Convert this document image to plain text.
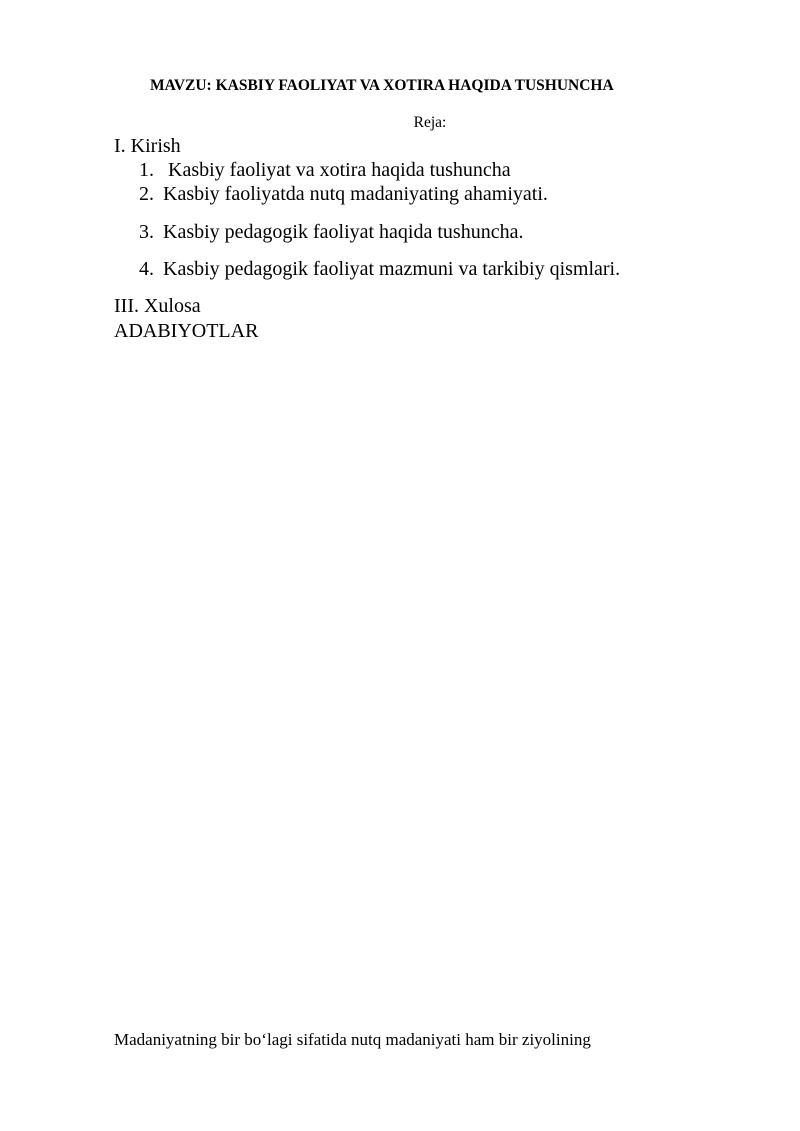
MAVZU: KASBIY FAOLIYAT VA XOTIRA HAQIDA TUSHUNCHA
Reja:
I. Kirish
1. Kasbiy faoliyat va xotira haqida tushuncha
2. Kasbiy faoliyatda nutq madaniyating ahamiyati.
3. Kasbiy pedagogik faoliyat haqida tushuncha.
4. Kasbiy pedagogik faoliyat mazmuni va tarkibiy qismlari.
III. Xulosa
ADABIYOTLAR
Madaniyatning bir bo‘lagi sifatida nutq madaniyati ham bir ziyolining
